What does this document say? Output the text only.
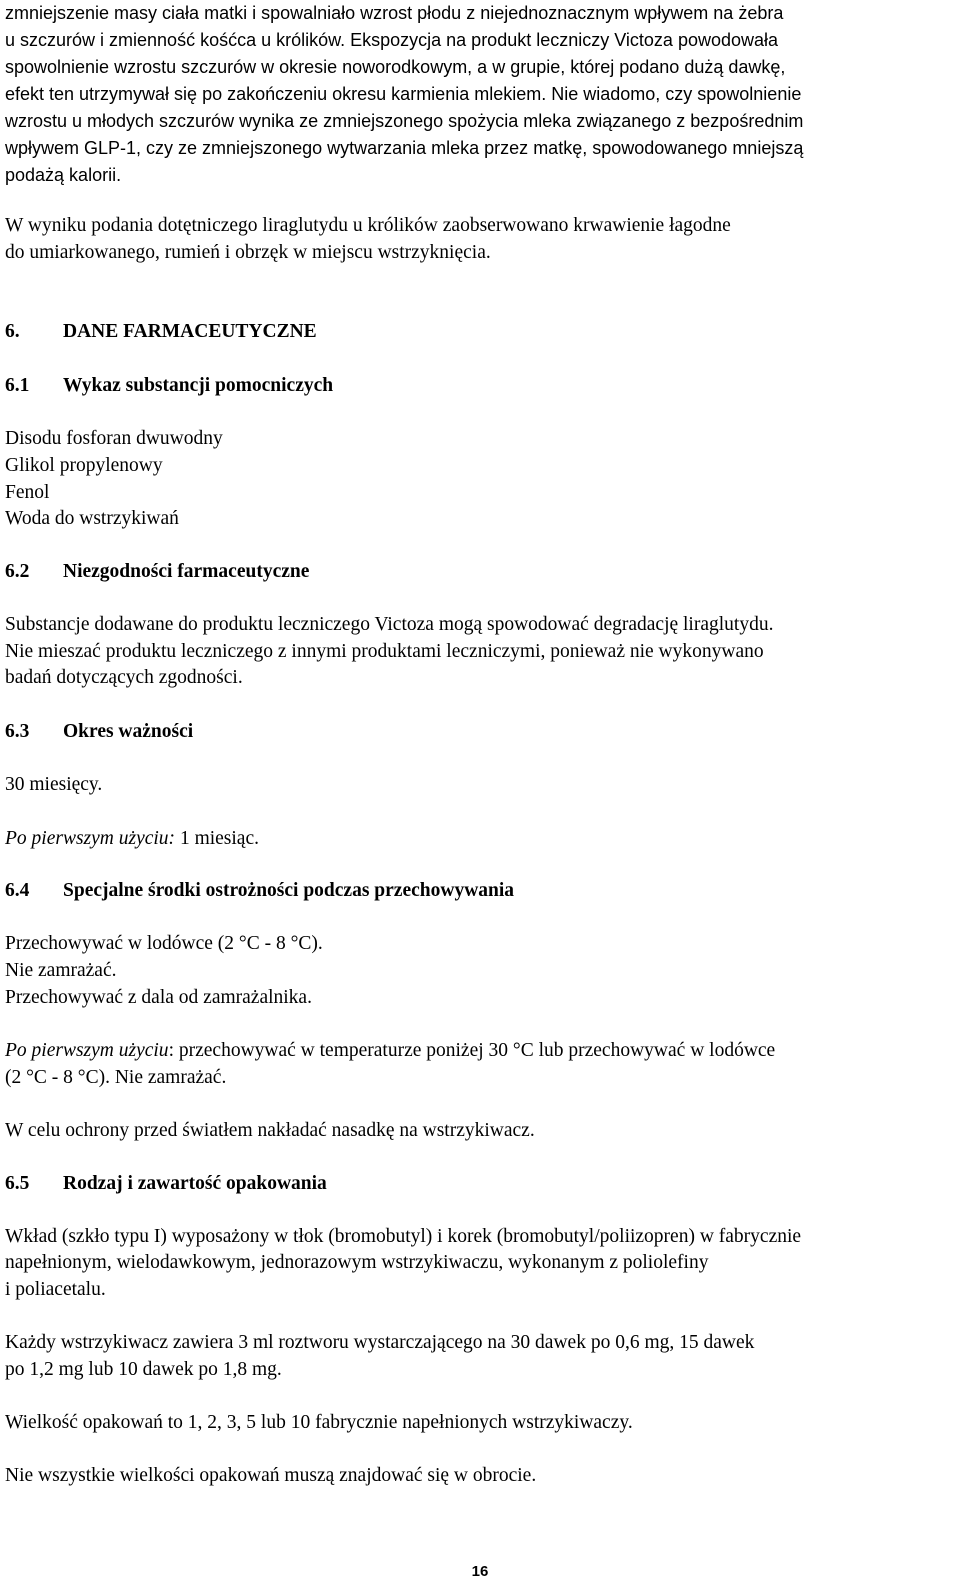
zmniejszenie masy ciała matki i spowalniało wzrost płodu z niejednoznacznym wpływem na żebra
u szczurów i zmienność kośćca u królików. Ekspozycja na produkt leczniczy Victoza powodowała
spowolnienie wzrostu szczurów w okresie noworodkowym, a w grupie, której podano dużą dawkę,
efekt ten utrzymywał się po zakończeniu okresu karmienia mlekiem. Nie wiadomo, czy spowolnienie
wzrostu u młodych szczurów wynika ze zmniejszonego spożycia mleka związanego z bezpośrednim
wpływem GLP-1, czy ze zmniejszonego wytwarzania mleka przez matkę, spowodowanego mniejszą
podażą kalorii.

W wyniku podania dotętniczego liraglutydu u królików zaobserwowano krwawienie łagodne

do umiarkowanego, rumień i obrzęk w miejscu wstrzyknięcia.

6. DANE FARMACEUTYCZNE

6.1 Wykaz substancji pomocniczych

Disodu fosforan dwuwodny

Glikol propylenowy

Fenol

Woda do wstrzykiwań

6.2 Niezgodności farmaceutyczne

Substancje dodawane do produktu leczniczego Victoza mogą spowodować degradację liraglutydu.

Nie mieszać produktu leczniczego z innymi produktami leczniczymi, ponieważ nie wykonywano

badań dotyczących zgodności.

6.3 Okres ważności

30 miesięcy.

Po pierwszym użyciu: 1 miesiąc.

6.4 Specjalne środki ostrożności podczas przechowywania

Przechowywać w lodówce (2 °C - 8 °C).

Nie zamrażać.

Przechowywać z dala od zamrażalnika.

Po pierwszym użyciu: przechowywać w temperaturze poniżej 30 °C lub przechowywać w lodówce

(2 °C - 8 °C). Nie zamrażać.

W celu ochrony przed światłem nakładać nasadkę na wstrzykiwacz.

6.5 Rodzaj i zawartość opakowania

Wkład (szkło typu I) wyposażony w tłok (bromobutyl) i korek (bromobutyl/poliizopren) w fabrycznie

napełnionym, wielodawkowym, jednorazowym wstrzykiwaczu, wykonanym z poliolefiny

i poliacetalu.

Każdy wstrzykiwacz zawiera 3 ml roztworu wystarczającego na 30 dawek po 0,6 mg, 15 dawek

po 1,2 mg lub 10 dawek po 1,8 mg.

Wielkość opakowań to 1, 2, 3, 5 lub 10 fabrycznie napełnionych wstrzykiwaczy.

Nie wszystkie wielkości opakowań muszą znajdować się w obrocie.

16
